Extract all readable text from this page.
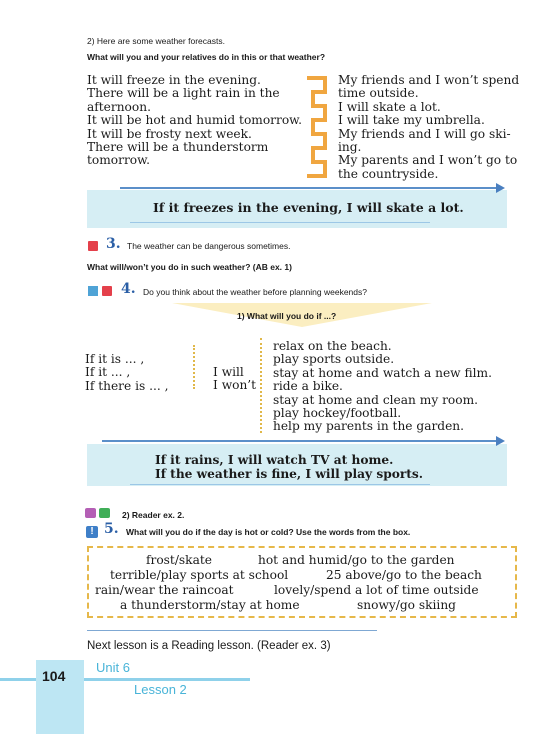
2) Here are some weather forecasts.
What will you and your relatives do in this or that weather?
It will freeze in the evening.
There will be a light rain in the
afternoon.
It will be hot and humid tomorrow.
It will be frosty next week.
There will be a thunderstorm
tomorrow.
My friends and I won’t spend
time outside.
I will skate a lot.
I will take my umbrella.
My friends and I will go ski-
ing.
My parents and I won’t go to
the countryside.
If it freezes in the evening, I will skate a lot.
3. The weather can be dangerous sometimes.
What will/won’t you do in such weather? (AB ex. 1)
4. Do you think about the weather before planning weekends?
1) What will you do if ...?
If it is ... ,
If it ... ,
If there is ... ,
I will
I won’t
relax on the beach.
play sports outside.
stay at home and watch a new film.
ride a bike.
stay at home and clean my room.
play hockey/football.
help my parents in the garden.
If it rains, I will watch TV at home.
If the weather is fine, I will play sports.
2) Reader ex. 2.
! 5. What will you do if the day is hot or cold? Use the words from the box.
frost/skate	hot and humid/go to the garden
terrible/play sports at school	25 above/go to the beach
rain/wear the raincoat	lovely/spend a lot of time outside
a thunderstorm/stay at home	snowy/go skiing
Next lesson is a Reading lesson. (Reader ex. 3)
104
Unit 6
Lesson 2
